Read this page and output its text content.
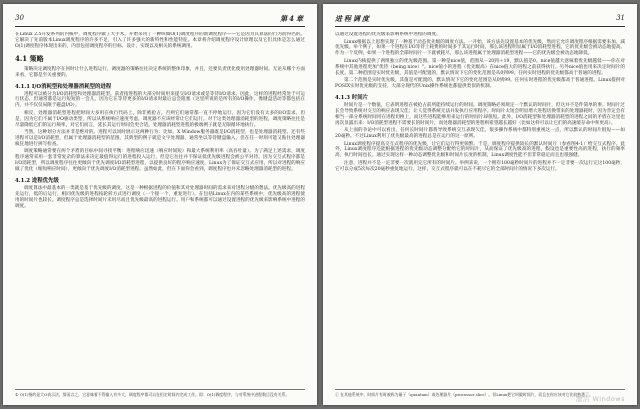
30	第4章

在Linux 2.5开发系列的内核中，调度程序做了大手术。开始采用了一种叫做O(1)调度程序的新调度程序——它是因为其算法的行为而得名的。它解决了先前版本Linux调度程序的许多不足，引入了许多强大的新特性和性能特征。本章将介绍调度程序设计原理以及它们具体是怎么通过O(1)调度程序体现出来的，内容包括调度程序的目标、设计、实现以及相关的系统调用。

4.1 策略

策略决定调度程序在何时让什么进程运行。调度器的策略往往决定系统的整体印象，并且，还要负责优化使用处理器时间。无论从哪个方面来看，它都是至关重要的。

4.1.1 I/O消耗型和处理器消耗型的进程

进程可以被分为I/O消耗型和处理器消耗型。前者指进程的大部分时间用来提交I/O请求或是等待I/O请求。因此，这样的进程经常处于可运行状态，但通常都是运行短短的一会儿，因为它在等待更多的I/O请求时最后总会阻塞（这里所说的是所有的I/O操作，像键盘活动等都包括在内，并不仅仅局限于磁盘I/O）。

相反，处理器消耗型进程把时间大多用在执行代码上。除非被抢占，否则它们通常都一直不停地运行，因为它们没有太多的I/O需求。但是，因为它们不属于I/O驱动类型，所以从系统响应速度考虑，调度器不应该经常让它们运行。对于这类处理器消耗型的进程，调度策略往往是尽量降低它们的运行频率，对它们而言，延长其运行时间会更合适。处理器消耗型进程的极端例子就是无限循环地执行。

当然，这种划分方法并非是绝对的。进程可以同时展示这两种行为：比如，X Window服务器既是I/O消耗型，也是处理器消耗型。还有些进程可以是I/O消耗型，但属于处理器消耗型的范围。其典型的例子就是文字处理器，通常坐以等待键盘输入，但在任一时刻可能又粘住处理器疯狂地进行拼写检查。

调度策略通常要在两个矛盾的目标中间寻找平衡：进程响应迅速（响应时间短）和最大系统利用率（高吞吐量）。为了满足上述需求，调度程序通常采用一套非常复杂的算法来决定最值得运行的进程投入运行，但是它往往并不保证低优先级进程会被公平对待。因为交互式程序都是I/O消耗型，所以调度程序往往更倾向于优先调度I/O消耗型进程，以提供良好的程序响应速度。Linux为了保证交互式应用，所以对进程的响应做了优化（缩短响应时间），更倾向于优先调度I/O消耗型进程。虽然如此，但在下面你会看到，调度程序也并未忽略处理器消耗型的进程。

4.1.2 进程优先级

调度算法中最基本的一类就是基于优先级的调度。这是一种根据进程的价值和其对处理器时间的需求来对进程分级的想法。优先级高的进程先运行，低的后运行，相同优先级的进程按轮转方式进行调度（一个接一个，重复进行）。在包括Linux在内的某些系统中，优先级高的进程使用的时间片也较长。调度程序总是选择时间片未用尽而且优先级最高的进程运行。用户和系统都可以通过设置进程的优先级来影响系统中进程的调度。

① O(1)指的是大O表示法，简而言之，它意味着不管输入有多大，调度程序都可以在恒定时间内完成工作。即：O(1)调度程序，与对系统中进程数目没有关系。
进程调度	31

以通过设置进程的优先级来影响系统中进程的调度。

Linux根据以上思想实现了一种基于动态优先级的调度方法。一开始，该方法先设置基本的优先级，然而它允许调度程序根据需要来加、减优先级。举个例子，如果一个进程在I/O等待上耗费的时间多于其运行时间，那么该进程明显属于I/O消耗型进程，它的优先级会被动态地提高。作为一个反例，如果一个进程的全部时间片一下就被耗尽，那么该进程属于处理器消耗型进程——它的优先级会被动态地降低。

Linux内核提供了两组独立的优先级范围。第一种是nice值，范围从－20到＋19，默认值是0。nice值越大意味着优先级越低——你在对系统中其他进程更加"优待（being nice）"。nice值小的进程（优先级高）在nice值大的进程之前获得执行。另外nice值也用来决定时间片的长度。第二种范围是实时优先级，其值是可配置的，默认情况下它的变化范围是从0到99。任何实时进程的优先级都高于普通的进程。

第二个范围是实时优先级，其值是可配置的，默认情况下它的变化范围是从0到99。任何实时进程的优先级都高于普通进程。Linux提供对POSIX实时优先级的支持，大部分现代的Unix操作系统也都提供类似的机制。

4.1.3 时间片

时间片是一个数值，它表明进程在被抢占前所能持续运行的时间。调度策略必须规定一个默认的时间片，但这并不是件简单的事。时间片过长会导致系统对交互的响应表现欠佳；让人觉得系统无法并发执行应用程序。时间片太短会明显增大进程切换带来的处理器耗时，因为肯定会有相当一部分系统时间用在进程切换上，而这些进程能够用来运行的时间片却很短。此外，I/O消耗型和处理器消耗型的进程之间的矛盾在这里也再次显露出来：I/O消耗型进程不需要长的时间片，而处理器消耗型的进程则希望越长越好（比如这样可以让它们的高速缓存命中率更高）。

从上面的争论中可以看出，任何长时间片都将导致系统交互表现欠佳。很多操作系统中都特别重视这一点，所以默认的时间片很短——如20毫秒。不过Linux利用了优先级最高的进程总是在运行的这一原则。

Linux调度程序提高交互式程序的优先级，让它们运行得更频繁。于是，调度程序提供较长的默认时间片（参看图4-1）给交互式程序。此外，Linux调度程序还能根据进程的优先级动态调整分配给它的时间片，从而保证了优先级高的进程，假设也是重要性高的进程，执行的频率高，执行时间也长。通过实现这样一种动态调整优先级和时间片长度的机制，Linux调度性能不但非常稳定而且也很强健。

注意，进程并不是一定非要一次就用完它所有的时间片。举例来说，一个拥有100毫秒时间片的进程并不一定非要一次运行完这100毫秒，它可以分成5次每次20毫秒重复地运行。这样，交互式程序就可以在不耗尽它的全部时间片的情况下多次运行。

① 在其他系统中，时间片有时被称为量子（quantum）或处理器片（processor slice）。但Linux把它叫做时间片，而且在你应该对它比较熟悉了。
激活 Windows
